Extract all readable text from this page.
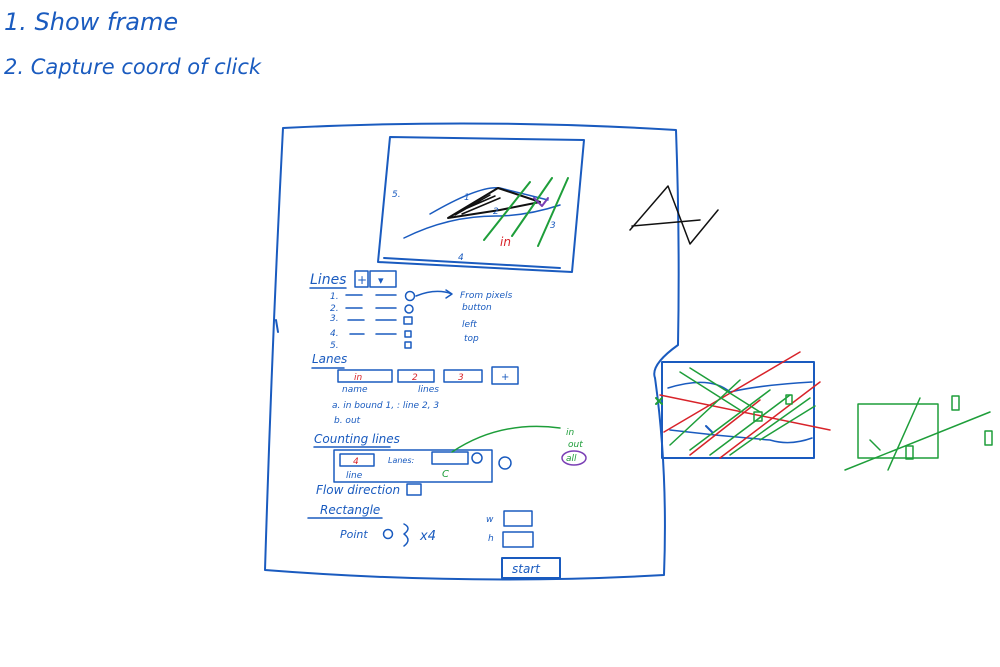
1. Show frame
2. Capture coord of click
5.	1
2
3
4
in
Lines + ▾
1.
2.
3.
4.
5.
From pixels
button
left
top
Lanes
in	2	3	+
name	lines
a. in bound 1, : line 2, 3
b. out
Counting lines
4
line
Lanes:
C
in
out
all
Flow direction
Rectangle
Point	x4
w
h
start
